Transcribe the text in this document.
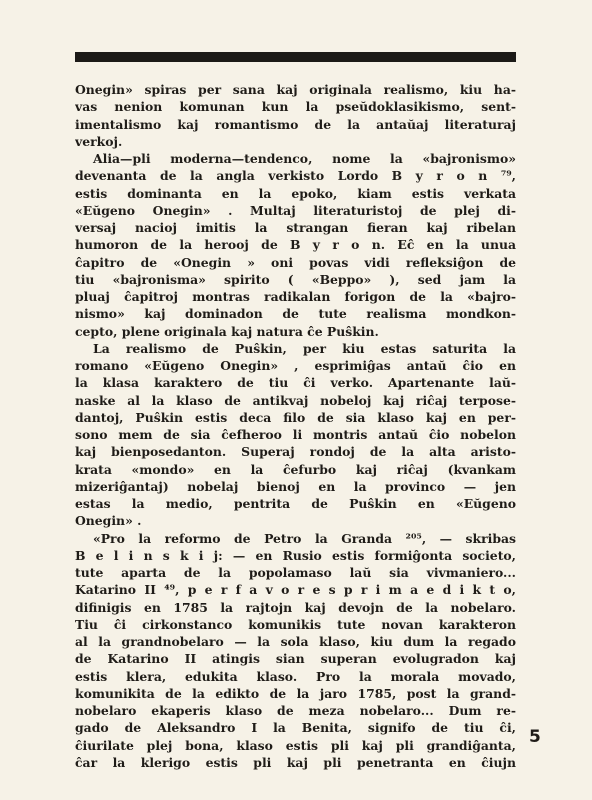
Onegin» spiras per sana kaj originala realismo, kiu ha-
vas nenion komunan kun la pseŭdoklasikismo, sent-
imentalismo kaj romantismo de la antaŭaj literaturaj
verkoj.
Alia—pli moderna—tendenco, nome la «bajronismo»
devenanta de la angla verkisto Lordo B y r o n ⁷⁹,
estis dominanta en la epoko, kiam estis verkata
«Eŭgeno Onegin» . Multaj literaturistoj de plej di-
versaj nacioj imitis la strangan fieran kaj ribelan
humoron de la herooj de B y r o n. Eĉ en la unua
ĉapitro de «Onegin » oni povas vidi refleksiĝon de
tiu «bajronisma» spirito ( «Beppo» ), sed jam la
pluaj ĉapitroj montras radikalan forigon de la «bajro-
nismo» kaj dominadon de tute realisma mondkon-
cepto, plene originala kaj natura ĉe Puŝkin.
La realismo de Puŝkin, per kiu estas saturita la
romano «Eŭgeno Onegin» , esprimiĝas antaŭ ĉio en
la klasa karaktero de tiu ĉi verko. Apartenante laŭ-
naske al la klaso de antikvaj nobeloj kaj riĉaj terpose-
dantoj, Puŝkin estis deca filo de sia klaso kaj en per-
sono mem de sia ĉefheroo li montris antaŭ ĉio nobelon
kaj bienposedanton. Superaj rondoj de la alta aristo-
krata «mondo» en la ĉefurbo kaj riĉaj (kvankam
mizeriĝantaj) nobelaj bienoj en la provinco — jen
estas la medio, pentrita de Puŝkin en «Eŭgeno
Onegin» .
«Pro la reformo de Petro la Granda ²⁰⁵, — skribas
B e l i n s k i j: — en Rusio estis formiĝonta societo,
tute aparta de la popolamaso laŭ sia vivmaniero...
Katarino II ⁴⁹, p e r f a v o r e s p r i m a e d i k t o,
difinigis en 1785 la rajtojn kaj devojn de la nobelaro.
Tiu ĉi cirkonstanco komunikis tute novan karakteron
al la grandnobelaro — la sola klaso, kiu dum la regado
de Katarino II atingis sian superan evolugradon kaj
estis klera, edukita klaso. Pro la morala movado,
komunikita de la edikto de la jaro 1785, post la grand-
nobelaro ekaperis klaso de meza nobelaro... Dum re-
gado de Aleksandro I la Benita, signifo de tiu ĉi,
ĉiurilate plej bona, klaso estis pli kaj pli grandiĝanta,
ĉar la klerigo estis pli kaj pli penetranta en ĉiujn
5
